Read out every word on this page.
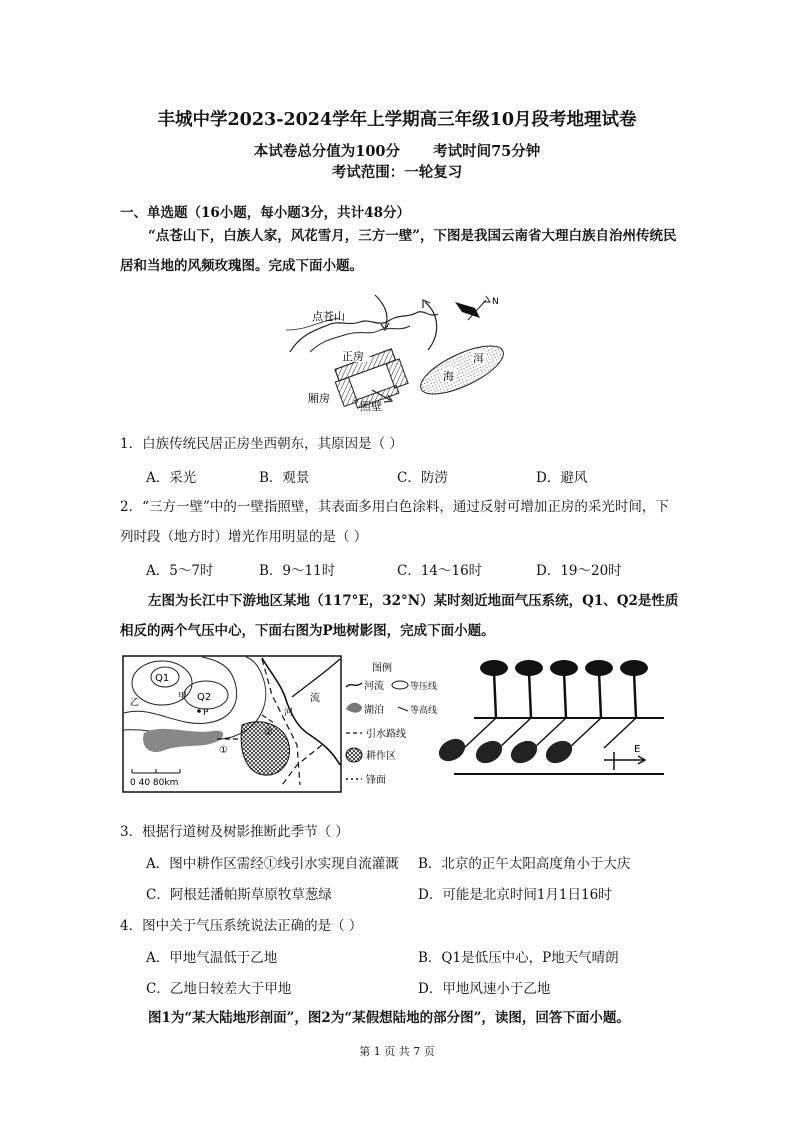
丰城中学2023-2024学年上学期高三年级10月段考地理试卷
本试卷总分值为100分 考试时间75分钟
考试范围：一轮复习
一、单选题（16小题，每小题3分，共计48分）
“点苍山下，白族人家，风花雪月，三方一壁”，下图是我国云南省大理白族自治州传统民居和当地的风频玫瑰图。完成下面小题。
点苍山
N
正房
厢房
照壁
海
洱
1．白族传统民居正房坐西朝东，其原因是（ ）
A．采光	B．观景	C．防涝	D．避风
2．“三方一壁”中的一壁指照壁，其表面多用白色涂料，通过反射可增加正房的采光时间，下列时段（地方时）增光作用明显的是（ ）
A．5～7时	B．9～11时	C．14～16时	D．19～20时
左图为长江中下游地区某地（117°E，32°N）某时刻近地面气压系统，Q1、Q2是性质相反的两个气压中心，下面右图为P地树影图，完成下面小题。
Q1
Q2
甲
乙
P
流
河
①
②
0 40 80km
图例
河流	等压线
湖泊	等高线
引水路线
耕作区
锋面
E
3．根据行道树及树影推断此季节（ ）
A．图中耕作区需经①线引水实现自流灌溉 B．北京的正午太阳高度角小于大庆
C．阿根廷潘帕斯草原牧草葱绿	D．可能是北京时间1月1日16时
4．图中关于气压系统说法正确的是（ ）
A．甲地气温低于乙地	B．Q1是低压中心，P地天气晴朗
C．乙地日较差大于甲地	D．甲地风速小于乙地
图1为“某大陆地形剖面”，图2为“某假想陆地的部分图”，读图，回答下面小题。
第 1 页 共 7 页
